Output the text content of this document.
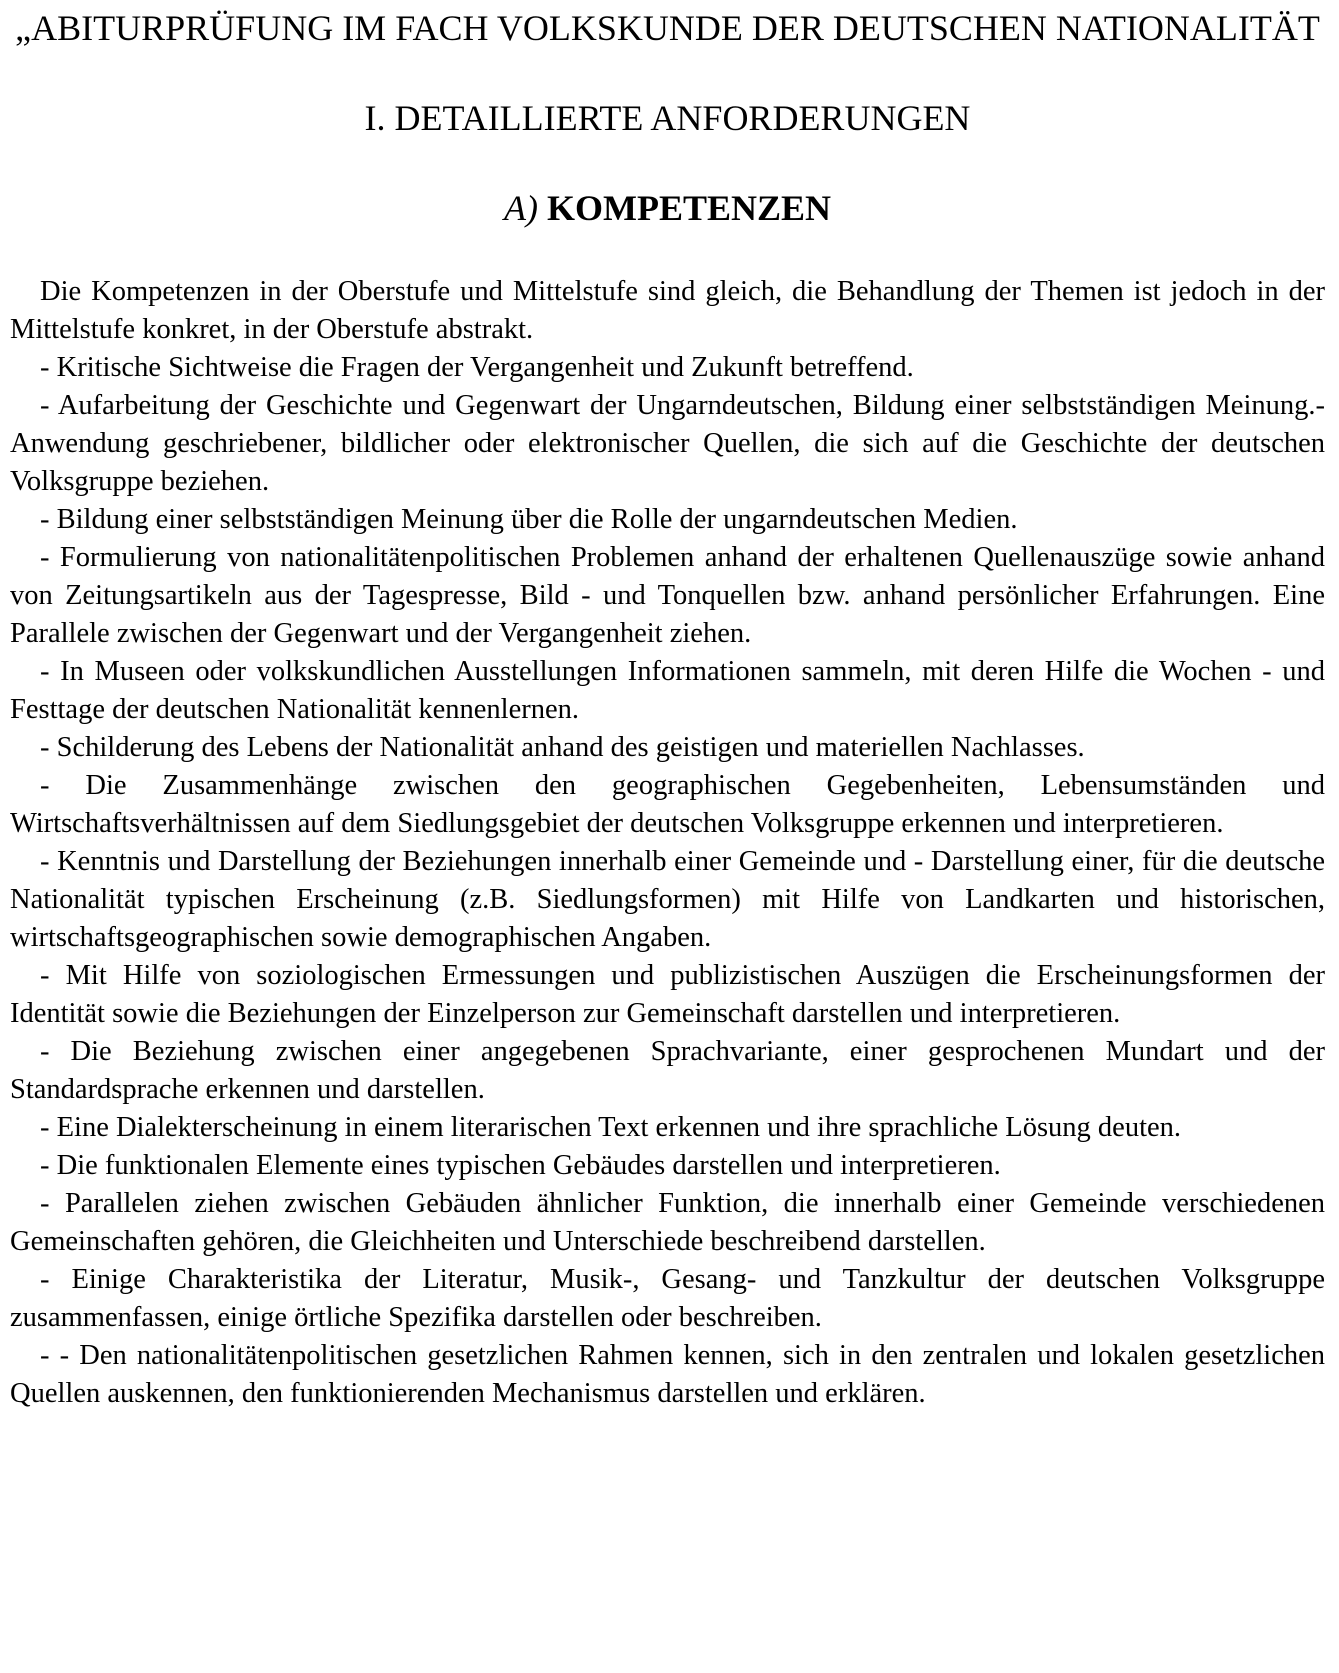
„ABITURPRÜFUNG IM FACH VOLKSKUNDE DER DEUTSCHEN NATIONALITÄT
I. DETAILLIERTE ANFORDERUNGEN
A) KOMPETENZEN

Die Kompetenzen in der Oberstufe und Mittelstufe sind gleich, die Behandlung der Themen ist jedoch in der Mittelstufe konkret, in der Oberstufe abstrakt.

- Kritische Sichtweise die Fragen der Vergangenheit und Zukunft betreffend.

- Aufarbeitung der Geschichte und Gegenwart der Ungarndeutschen, Bildung einer selbstständigen Meinung.- Anwendung geschriebener, bildlicher oder elektronischer Quellen, die sich auf die Geschichte der deutschen Volksgruppe beziehen.

- Bildung einer selbstständigen Meinung über die Rolle der ungarndeutschen Medien.

- Formulierung von nationalitätenpolitischen Problemen anhand der erhaltenen Quellenauszüge sowie anhand von Zeitungsartikeln aus der Tagespresse, Bild - und Tonquellen bzw. anhand persönlicher Erfahrungen. Eine Parallele zwischen der Gegenwart und der Vergangenheit ziehen.

- In Museen oder volkskundlichen Ausstellungen Informationen sammeln, mit deren Hilfe die Wochen - und Festtage der deutschen Nationalität kennenlernen.

- Schilderung des Lebens der Nationalität anhand des geistigen und materiellen Nachlasses.

- Die Zusammenhänge zwischen den geographischen Gegebenheiten, Lebensumständen und Wirtschaftsverhältnissen auf dem Siedlungsgebiet der deutschen Volksgruppe erkennen und interpretieren.

- Kenntnis und Darstellung der Beziehungen innerhalb einer Gemeinde und - Darstellung einer, für die deutsche Nationalität typischen Erscheinung (z.B. Siedlungsformen) mit Hilfe von Landkarten und historischen, wirtschaftsgeographischen sowie demographischen Angaben.

- Mit Hilfe von soziologischen Ermessungen und publizistischen Auszügen die Erscheinungsformen der Identität sowie die Beziehungen der Einzelperson zur Gemeinschaft darstellen und interpretieren.

- Die Beziehung zwischen einer angegebenen Sprachvariante, einer gesprochenen Mundart und der Standardsprache erkennen und darstellen.

- Eine Dialekterscheinung in einem literarischen Text erkennen und ihre sprachliche Lösung deuten.

- Die funktionalen Elemente eines typischen Gebäudes darstellen und interpretieren.

- Parallelen ziehen zwischen Gebäuden ähnlicher Funktion, die innerhalb einer Gemeinde verschiedenen Gemeinschaften gehören, die Gleichheiten und Unterschiede beschreibend darstellen.

- Einige Charakteristika der Literatur, Musik-, Gesang- und Tanzkultur der deutschen Volksgruppe zusammenfassen, einige örtliche Spezifika darstellen oder beschreiben.

- - Den nationalitätenpolitischen gesetzlichen Rahmen kennen, sich in den zentralen und lokalen gesetzlichen Quellen auskennen, den funktionierenden Mechanismus darstellen und erklären.
